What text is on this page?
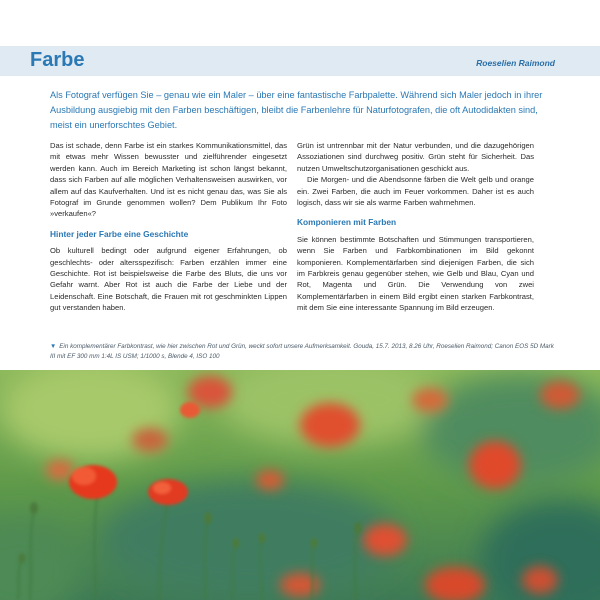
Farbe	Roeselien Raimond

Als Fotograf verfügen Sie – genau wie ein Maler – über eine fantastische Farbpalette. Während sich Maler jedoch in ihrer Ausbildung ausgiebig mit den Farben beschäftigen, bleibt die Farbenlehre für Naturfotografen, die oft Autodidakten sind, meist ein unerforschtes Gebiet.

Das ist schade, denn Farbe ist ein starkes Kommunikationsmittel, das mit etwas mehr Wissen bewusster und zielführender eingesetzt werden kann. Auch im Bereich Marketing ist schon längst bekannt, dass sich Farben auf alle möglichen Verhaltensweisen auswirken, vor allem auf das Kaufverhalten. Und ist es nicht genau das, was Sie als Fotograf im Grunde genommen wollen? Dem Publikum Ihr Foto »verkaufen«?

Hinter jeder Farbe eine Geschichte

Ob kulturell bedingt oder aufgrund eigener Erfahrungen, ob geschlechts- oder altersspezifisch: Farben erzählen immer eine Geschichte. Rot ist beispielsweise die Farbe des Bluts, die uns vor Gefahr warnt. Aber Rot ist auch die Farbe der Liebe und der Leidenschaft. Eine Botschaft, die Frauen mit rot geschminkten Lippen gut verstanden haben.

Grün ist untrennbar mit der Natur verbunden, und die dazugehörigen Assoziationen sind durchweg positiv. Grün steht für Sicherheit. Das nutzen Umweltschutzorganisationen geschickt aus.

Die Morgen- und die Abendsonne färben die Welt gelb und orange ein. Zwei Farben, die auch im Feuer vorkommen. Daher ist es auch logisch, dass wir sie als warme Farben wahrnehmen.

Komponieren mit Farben

Sie können bestimmte Botschaften und Stimmungen transportieren, wenn Sie Farben und Farbkombinationen im Bild gekonnt komponieren. Komplementärfarben sind diejenigen Farben, die sich im Farbkreis genau gegenüber stehen, wie Gelb und Blau, Cyan und Rot, Magenta und Grün. Die Verwendung von zwei Komplementärfarben in einem Bild ergibt einen starken Farbkontrast, mit dem Sie eine interessante Spannung im Bild erzeugen.

▼ Ein komplementärer Farbkontrast, wie hier zwischen Rot und Grün, weckt sofort unsere Aufmerksamkeit. Gouda, 15.7. 2013, 8.26 Uhr, Roeselien Raimond; Canon EOS 5D Mark III mit EF 300 mm 1:4L IS USM; 1/1000 s, Blende 4, ISO 100
